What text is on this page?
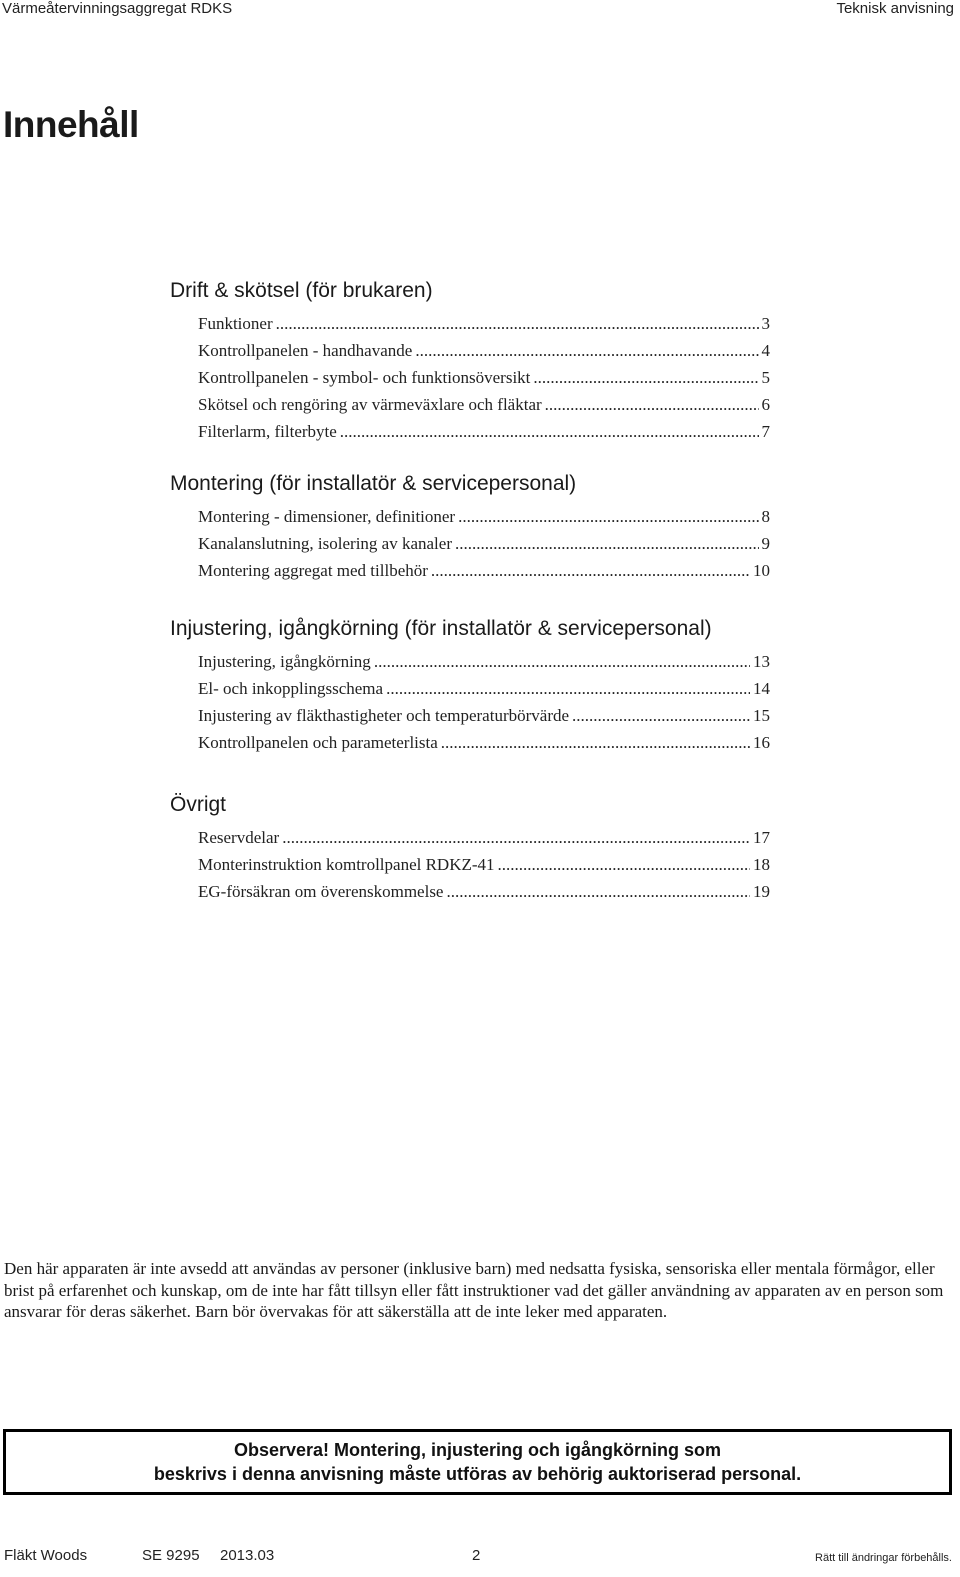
Värmeåtervinningsaggregat RDKS	Teknisk anvisning
Innehåll
Drift & skötsel (för brukaren)
Funktioner .....	3
Kontrollpanelen - handhavande .....	4
Kontrollpanelen - symbol- och funktionsöversikt .....	5
Skötsel och rengöring av värmeväxlare och fläktar .....	6
Filterlarm, filterbyte .....	7
Montering (för installatör & servicepersonal)
Montering - dimensioner, definitioner .....	8
Kanalanslutning, isolering av kanaler .....	9
Montering aggregat med tillbehör .....	10
Injustering, igångkörning (för installatör & servicepersonal)
Injustering, igångkörning .....	13
El- och inkopplingsschema .....	14
Injustering av fläkthastigheter och temperaturbörvärde .....	15
Kontrollpanelen och parameterlista .....	16
Övrigt
Reservdelar .....	17
Monterinstruktion komtrollpanel RDKZ-41 .....	18
EG-försäkran om överenskommelse .....	19

Den här apparaten är inte avsedd att användas av personer (inklusive barn) med nedsatta fysiska, sensoriska eller mentala förmågor, eller brist på erfarenhet och kunskap, om de inte har fått tillsyn eller fått instruktioner vad det gäller användning av apparaten av en person som ansvarar för deras säkerhet. Barn bör övervakas för att säkerställa att de inte leker med apparaten.

Observera! Montering, injustering och igångkörning som
beskrivs i denna anvisning måste utföras av behörig auktoriserad personal.
Fläkt Woods	SE 9295 2013.03	2	Rätt till ändringar förbehålls.
